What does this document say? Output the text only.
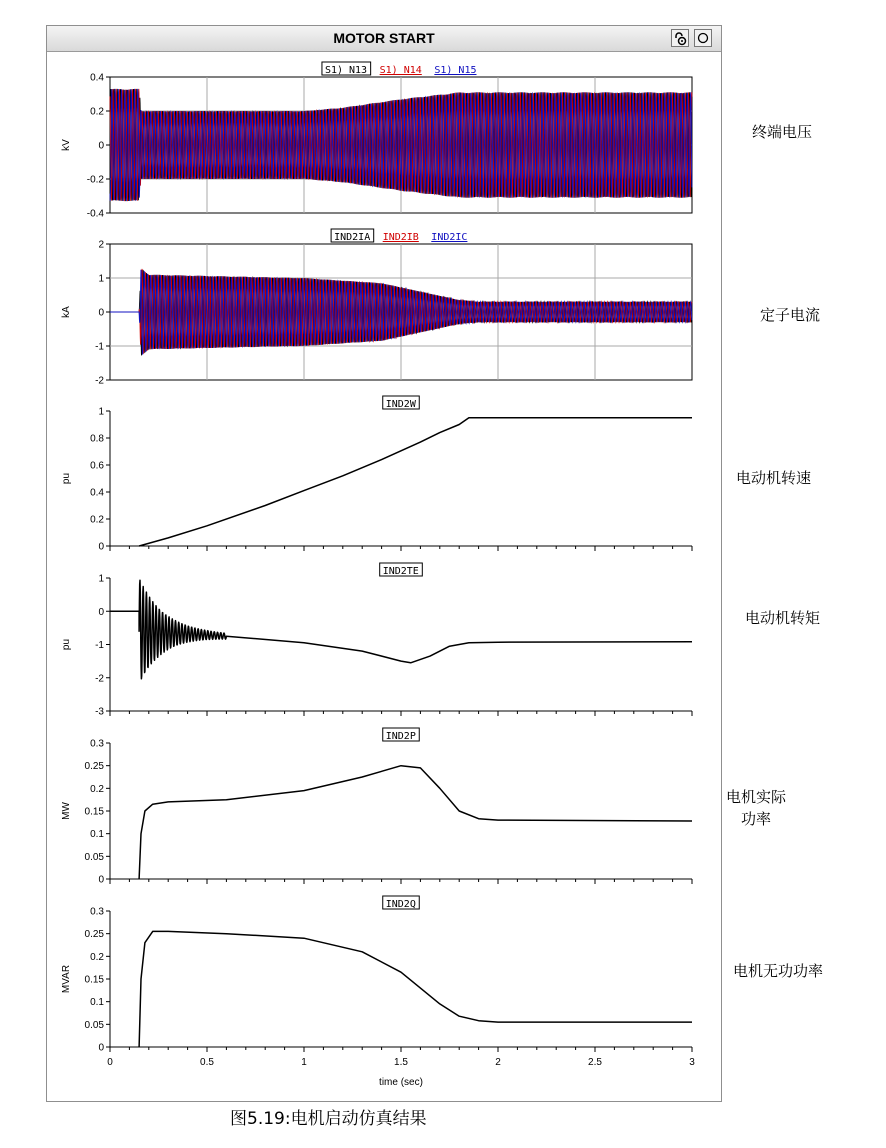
MOTOR START
0.4
0.2
0
-0.2
-0.4
kV
S1) N13 S1) N14 S1) N15
2
1
0
-1
-2
kA
IND2IA IND2IB IND2IC
1
0.8
0.6
0.4
0.2
0
pu
IND2W
1
0
-1
-2
-3
pu
IND2TE
0.3
0.25
0.2
0.15
0.1
0.05
0
MW
IND2P
0.3
0.25
0.2
0.15
0.1
0.05
0
MVAR
IND2Q
0	0.5	1	1.5	2	2.5	3
time (sec)
终端电压
定子电流
电动机转速
电动机转矩
电机实际
功率
电机无功功率
图5.19:电机启动仿真结果
